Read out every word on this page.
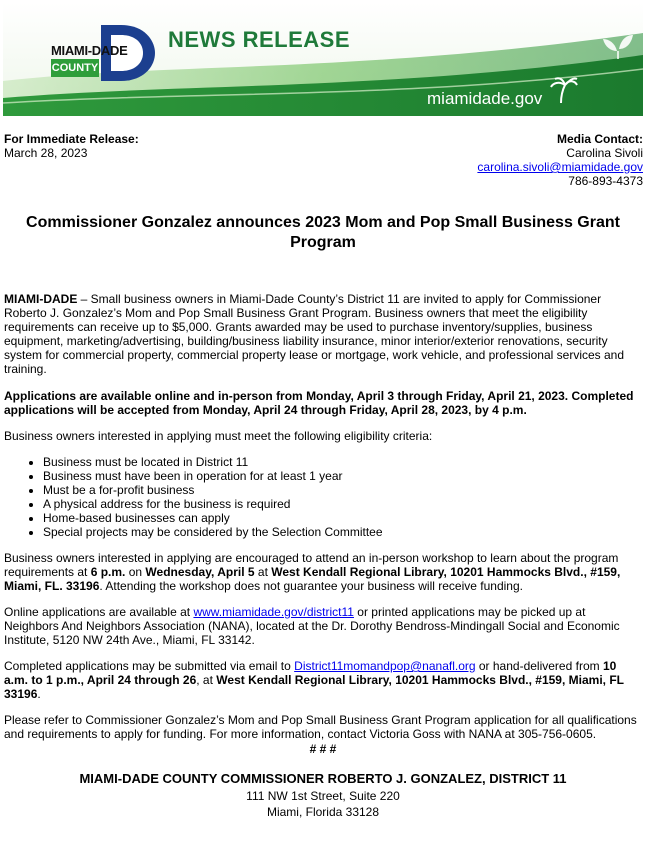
MIAMI-DADE
COUNTY
NEWS RELEASE
miamidade.gov
For Immediate Release:
March 28, 2023
Media Contact:
Carolina Sivoli
carolina.sivoli@miamidade.gov
786-893-4373
Commissioner Gonzalez announces 2023 Mom and Pop Small Business Grant Program

MIAMI-DADE – Small business owners in Miami-Dade County’s District 11 are invited to apply for Commissioner Roberto J. Gonzalez’s Mom and Pop Small Business Grant Program. Business owners that meet the eligibility requirements can receive up to $5,000. Grants awarded may be used to purchase inventory/supplies, business equipment, marketing/advertising, building/business liability insurance, minor interior/exterior renovations, security system for commercial property, commercial property lease or mortgage, work vehicle, and professional services and training.

Applications are available online and in-person from Monday, April 3 through Friday, April 21, 2023. Completed applications will be accepted from Monday, April 24 through Friday, April 28, 2023, by 4 p.m.

Business owners interested in applying must meet the following eligibility criteria:

• Business must be located in District 11
• Business must have been in operation for at least 1 year
• Must be a for-profit business
• A physical address for the business is required
• Home-based businesses can apply
• Special projects may be considered by the Selection Committee

Business owners interested in applying are encouraged to attend an in-person workshop to learn about the program requirements at 6 p.m. on Wednesday, April 5 at West Kendall Regional Library, 10201 Hammocks Blvd., #159, Miami, FL. 33196. Attending the workshop does not guarantee your business will receive funding.

Online applications are available at www.miamidade.gov/district11 or printed applications may be picked up at Neighbors And Neighbors Association (NANA), located at the Dr. Dorothy Bendross-Mindingall Social and Economic Institute, 5120 NW 24th Ave., Miami, FL 33142.

Completed applications may be submitted via email to District11momandpop@nanafl.org or hand-delivered from 10 a.m. to 1 p.m., April 24 through 26, at West Kendall Regional Library, 10201 Hammocks Blvd., #159, Miami, FL 33196.

Please refer to Commissioner Gonzalez’s Mom and Pop Small Business Grant Program application for all qualifications and requirements to apply for funding. For more information, contact Victoria Goss with NANA at 305-756-0605.

# # #
MIAMI-DADE COUNTY COMMISSIONER ROBERTO J. GONZALEZ, DISTRICT 11
111 NW 1st Street, Suite 220
Miami, Florida 33128
